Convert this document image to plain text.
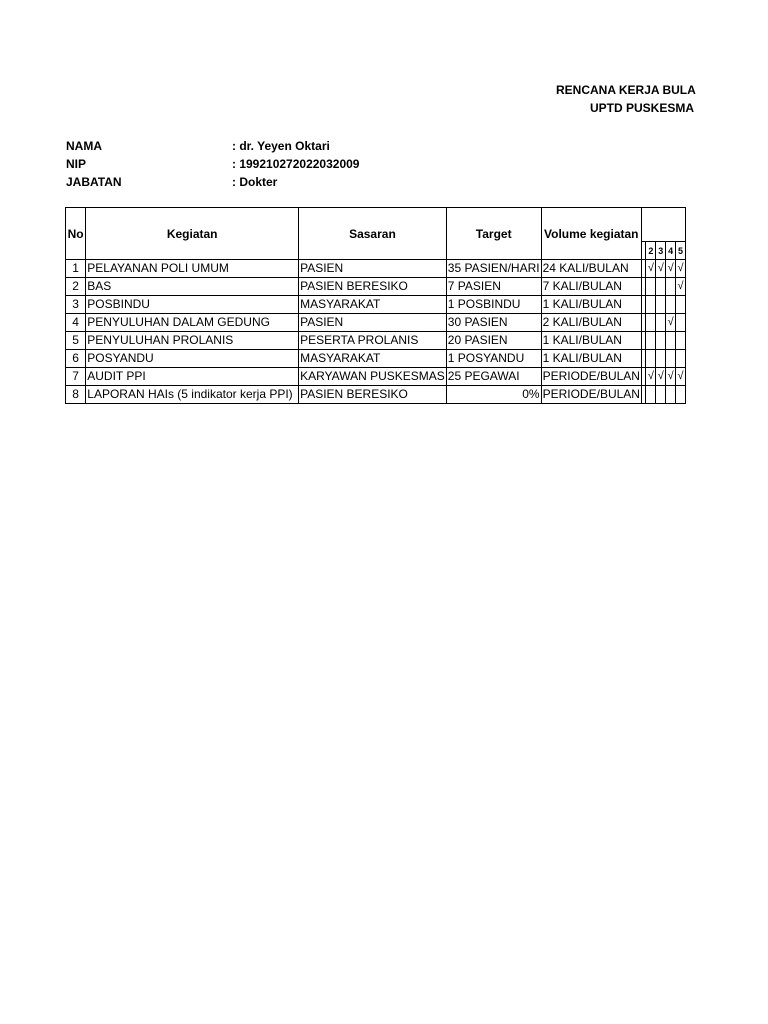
RENCANA KERJA BULA
UPTD PUSKESMA
NAMA	: dr. Yeyen Oktari
NIP	: 199210272022032009
JABATAN	: Dokter
No	Kegiatan	Sasaran	Target	Volume kegiatan					
						2	3	4	5
1	PELAYANAN POLI UMUM	PASIEN	35 PASIEN/HARI	24 KALI/BULAN		√	√	√	√
2	BAS	PASIEN BERESIKO	7 PASIEN	7 KALI/BULAN					√
3	POSBINDU	MASYARAKAT	1 POSBINDU	1 KALI/BULAN					
4	PENYULUHAN DALAM GEDUNG	PASIEN	30 PASIEN	2 KALI/BULAN				√	
5	PENYULUHAN PROLANIS	PESERTA PROLANIS	20 PASIEN	1 KALI/BULAN					
6	POSYANDU	MASYARAKAT	1 POSYANDU	1 KALI/BULAN					
7	AUDIT PPI	KARYAWAN PUSKESMAS	25 PEGAWAI	PERIODE/BULAN		√	√	√	√
8	LAPORAN HAIs (5 indikator kerja PPI)	PASIEN BERESIKO	0%	PERIODE/BULAN					
